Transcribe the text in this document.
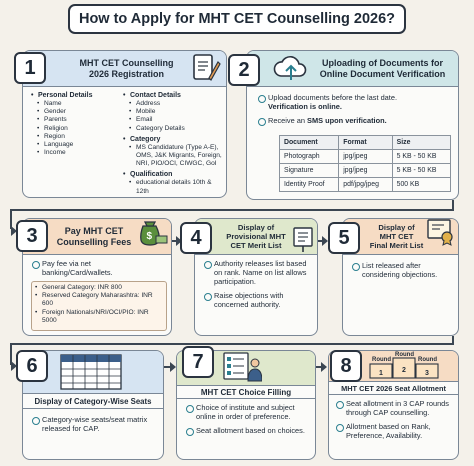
How to Apply for MHT CET Counselling 2026?
MHT CET Counselling
2026 Registration
• Personal Details
• Name
• Gender
• Parents
• Religion
• Region
• Language
• Income
• Contact Details
• Address
• Mobile
• Email
• Category Details
• Category
• MS Candidature (Type A-E), OMS, J&K Migrants, Foreign, NRI, PIO/OCI, CIWGC, GoI
• Qualification
• educational details 10th & 12th
1	Uploading of Documents for
Online Document Verification
Upload documents before the last date.
Verification is online.
Receive an SMS upon verification.
Document	Format	Size
Photograph	jpg/jpeg	5 KB - 50 KB
Signature	jpg/jpeg	5 KB - 50 KB
Identity Proof	pdf/jpg/jpeg	500 KB
2
Pay MHT CET
Counselling Fees
Pay fee via net banking/Card/wallets.
• General Category: INR 800
• Reserved Category Maharashtra: INR 600
• Foreign Nationals/NRI/OCI/PIO: INR 5000
3	$
Display of
Provisional MHT
CET Merit List
Authority releases list based on rank. Name on list allows participation.
Raise objections with concerned authority.
4	Display of
MHT CET
Final Merit List
List released after considering objections.
5
Display of Category-Wise Seats
Category-wise seats/seat matrix released for CAP.
6
MHT CET Choice Filling
Choice of institute and subject online in order of preference.
Seat allotment based on choices.
7
MHT CET 2026 Seat Allotment
Seat allotment in 3 CAP rounds through CAP counselling.
Allotment based on Rank, Preference, Availability.
8	Round
1
Round
2
Round
3
